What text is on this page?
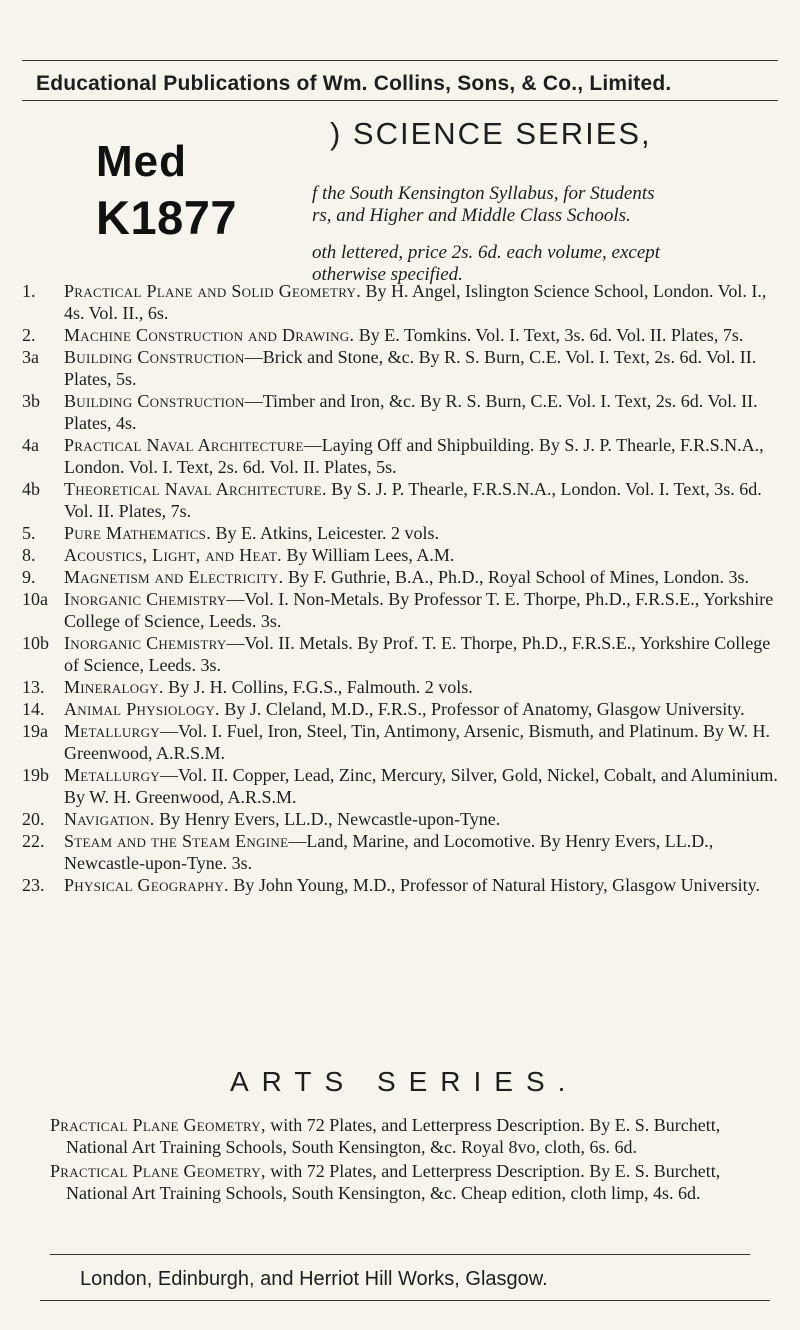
Educational Publications of Wm. Collins, Sons, & Co., Limited.
Med
K1877
) SCIENCE SERIES,

f the South Kensington Syllabus, for Students

rs, and Higher and Middle Class Schools.

oth lettered, price 2s. 6d. each volume, except

otherwise specified.

1.	Practical Plane and Solid Geometry. By H. Angel, Islington Science School, London. Vol. I., 4s. Vol. II., 6s.
2.	Machine Construction and Drawing. By E. Tomkins. Vol. I. Text, 3s. 6d. Vol. II. Plates, 7s.
3a	Building Construction—Brick and Stone, &c. By R. S. Burn, C.E. Vol. I. Text, 2s. 6d. Vol. II. Plates, 5s.
3b	Building Construction—Timber and Iron, &c. By R. S. Burn, C.E. Vol. I. Text, 2s. 6d. Vol. II. Plates, 4s.
4a	Practical Naval Architecture—Laying Off and Shipbuilding. By S. J. P. Thearle, F.R.S.N.A., London. Vol. I. Text, 2s. 6d. Vol. II. Plates, 5s.
4b	Theoretical Naval Architecture. By S. J. P. Thearle, F.R.S.N.A., London. Vol. I. Text, 3s. 6d. Vol. II. Plates, 7s.
5.	Pure Mathematics. By E. Atkins, Leicester. 2 vols.
8.	Acoustics, Light, and Heat. By William Lees, A.M.
9.	Magnetism and Electricity. By F. Guthrie, B.A., Ph.D., Royal School of Mines, London. 3s.
10a Inorganic Chemistry—Vol. I. Non-Metals. By Professor T. E. Thorpe, Ph.D., F.R.S.E., Yorkshire College of Science, Leeds. 3s.
10b Inorganic Chemistry—Vol. II. Metals. By Prof. T. E. Thorpe, Ph.D., F.R.S.E., Yorkshire College of Science, Leeds. 3s.
13.	Mineralogy. By J. H. Collins, F.G.S., Falmouth. 2 vols.
14.	Animal Physiology. By J. Cleland, M.D., F.R.S., Professor of Anatomy, Glasgow University.
19a Metallurgy—Vol. I. Fuel, Iron, Steel, Tin, Antimony, Arsenic, Bismuth, and Platinum. By W. H. Greenwood, A.R.S.M.
19b Metallurgy—Vol. II. Copper, Lead, Zinc, Mercury, Silver, Gold, Nickel, Cobalt, and Aluminium. By W. H. Greenwood, A.R.S.M.
20.	Navigation. By Henry Evers, LL.D., Newcastle-upon-Tyne.
22.	Steam and the Steam Engine—Land, Marine, and Locomotive. By Henry Evers, LL.D., Newcastle-upon-Tyne. 3s.
23.	Physical Geography. By John Young, M.D., Professor of Natural History, Glasgow University.
ARTS SERIES.
Practical Plane Geometry, with 72 Plates, and Letterpress Description. By E. S. Burchett, National Art Training Schools, South Kensington, &c. Royal 8vo, cloth, 6s. 6d.
Practical Plane Geometry, with 72 Plates, and Letterpress Description. By E. S. Burchett, National Art Training Schools, South Kensington, &c. Cheap edition, cloth limp, 4s. 6d.
London, Edinburgh, and Herriot Hill Works, Glasgow.
